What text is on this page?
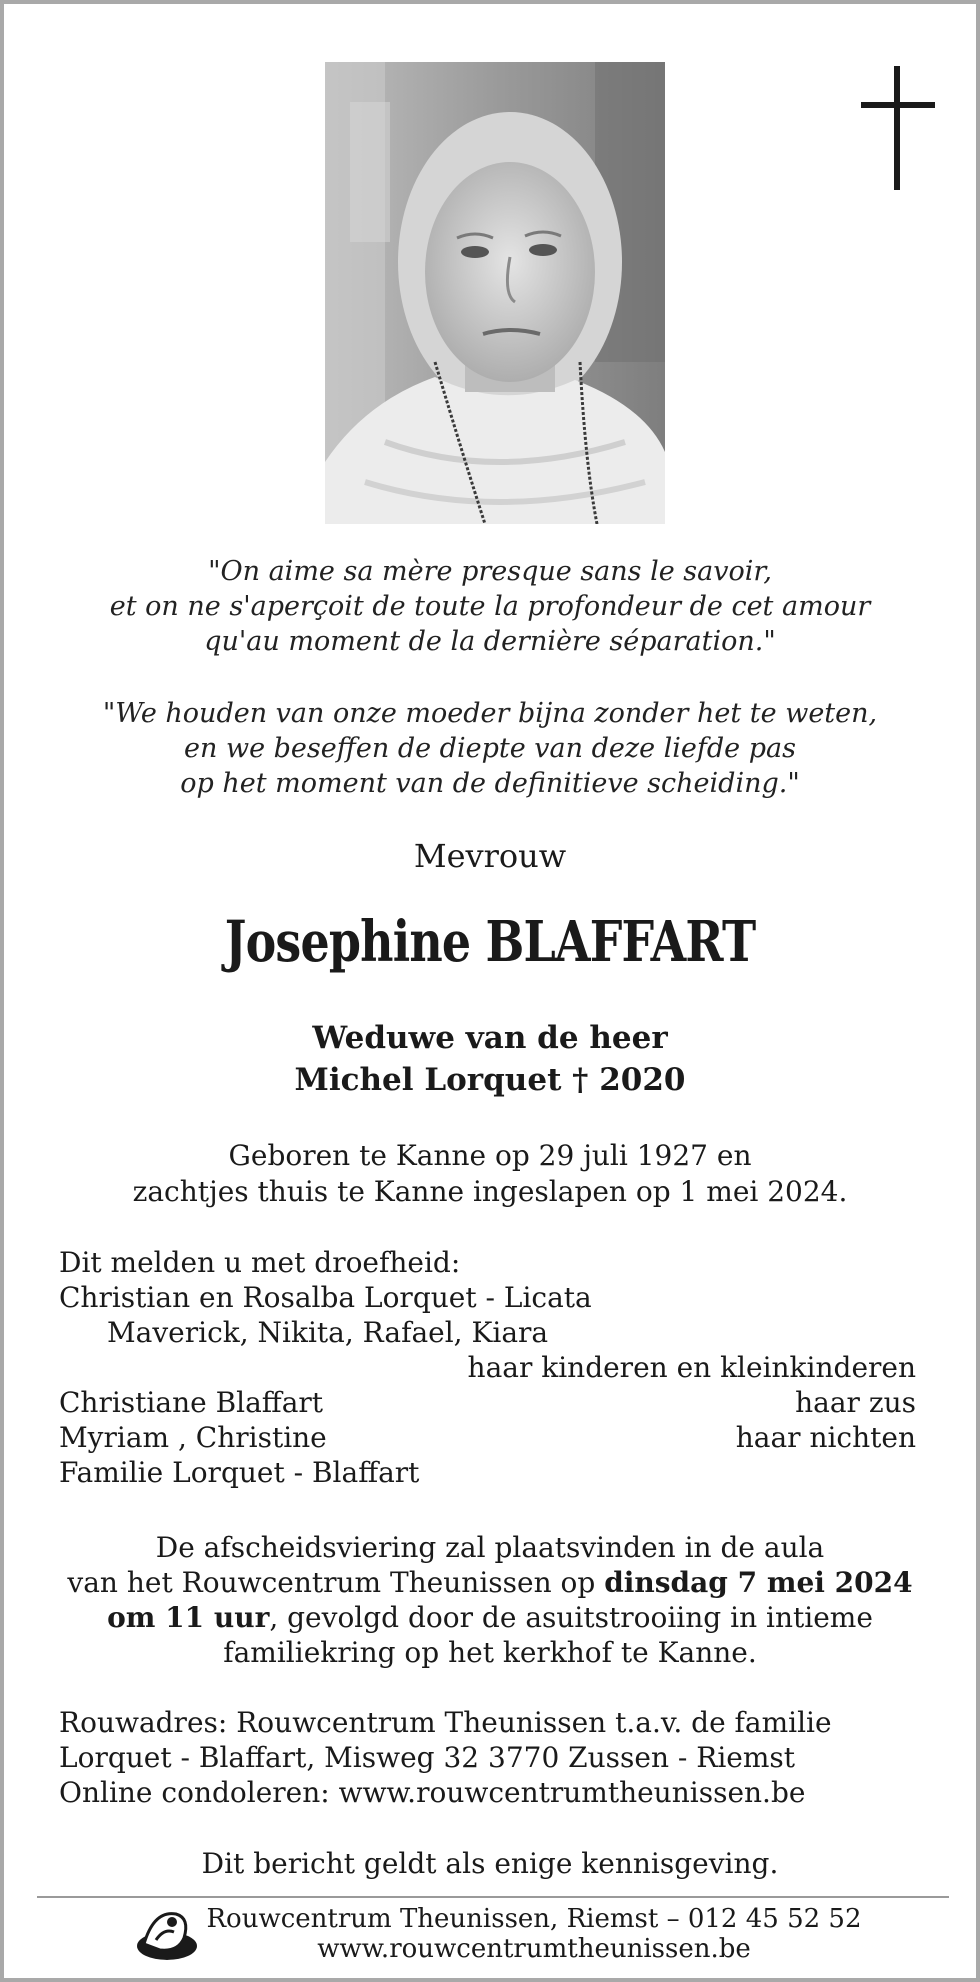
"On aime sa mère presque sans le savoir,
et on ne s'aperçoit de toute la profondeur de cet amour
qu'au moment de la dernière séparation."
"We houden van onze moeder bijna zonder het te weten,
en we beseffen de diepte van deze liefde pas
op het moment van de definitieve scheiding."
Mevrouw
Josephine BLAFFART
Weduwe van de heer
Michel Lorquet † 2020
Geboren te Kanne op 29 juli 1927 en
zachtjes thuis te Kanne ingeslapen op 1 mei 2024.
Dit melden u met droefheid:
Christian en Rosalba Lorquet - Licata
Maverick, Nikita, Rafael, Kiara
haar kinderen en kleinkinderen
Christiane Blaffart	haar zus
Myriam , Christine	haar nichten
Familie Lorquet - Blaffart
De afscheidsviering zal plaatsvinden in de aula
van het Rouwcentrum Theunissen op dinsdag 7 mei 2024
om 11 uur, gevolgd door de asuitstrooiing in intieme
familiekring op het kerkhof te Kanne.
Rouwadres: Rouwcentrum Theunissen t.a.v. de familie
Lorquet - Blaffart, Misweg 32 3770 Zussen - Riemst
Online condoleren: www.rouwcentrumtheunissen.be
Dit bericht geldt als enige kennisgeving.
Rouwcentrum Theunissen, Riemst – 012 45 52 52
www.rouwcentrumtheunissen.be
